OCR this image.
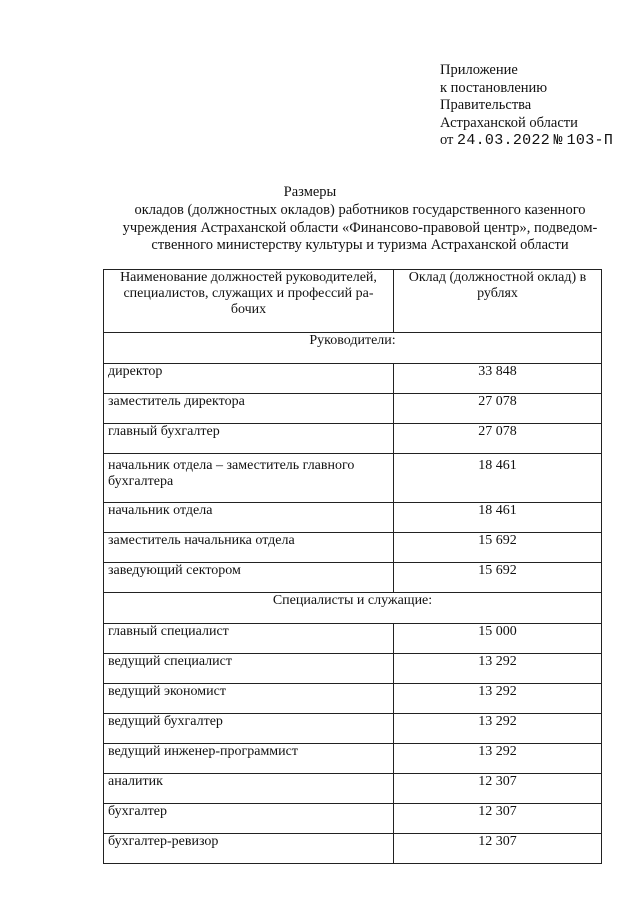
Приложение
к постановлению
Правительства
Астраханской области
от 24.03.2022 № 103-П
Размеры
окладов (должностных окладов) работников государственного казенного
учреждения Астраханской области «Финансово-правовой центр», подведом-
ственного министерству культуры и туризма Астраханской области
Наименование должностей руководителей, специалистов, служащих и профессий ра-бочих	Оклад (должностной оклад) в рублях
Руководители:	
директор	33 848
заместитель директора	27 078
главный бухгалтер	27 078
начальник отдела – заместитель главного бухгалтера	18 461
начальник отдела	18 461
заместитель начальника отдела	15 692
заведующий сектором	15 692
Специалисты и служащие:	
главный специалист	15 000
ведущий специалист	13 292
ведущий экономист	13 292
ведущий бухгалтер	13 292
ведущий инженер-программист	13 292
аналитик	12 307
бухгалтер	12 307
бухгалтер-ревизор	12 307
